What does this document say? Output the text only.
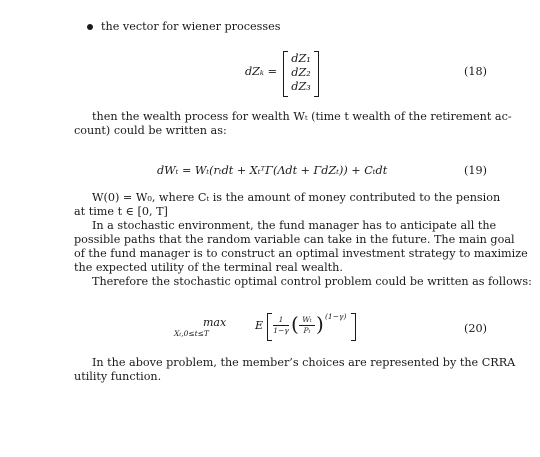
the vector for wiener processes
dZₖ =
dZ₁
dZ₂
dZ₃
(18)
then the wealth process for wealth Wₜ (time t wealth of the retirement ac-
count) could be written as:
dWₜ = Wₜ(rₜdt + XₜᵀΓ(Λdt + ΓdZₜ)) + Cₜdt	(19)
W(0) = W₀, where Cₜ is the amount of money contributed to the pension
at time t ∈ [0, T]
In a stochastic environment, the fund manager has to anticipate all the
possible paths that the random variable can take in the future. The main goal
of the fund manager is to construct an optimal investment strategy to maximize
the expected utility of the terminal real wealth.
Therefore the stochastic optimal control problem could be written as follows:
max
Xₜ,0≤t≤T
E	1
1−γ ( Wₜ
Pₜ ) (1−γ)
(20)
In the above problem, the member’s choices are represented by the CRRA
utility function.
